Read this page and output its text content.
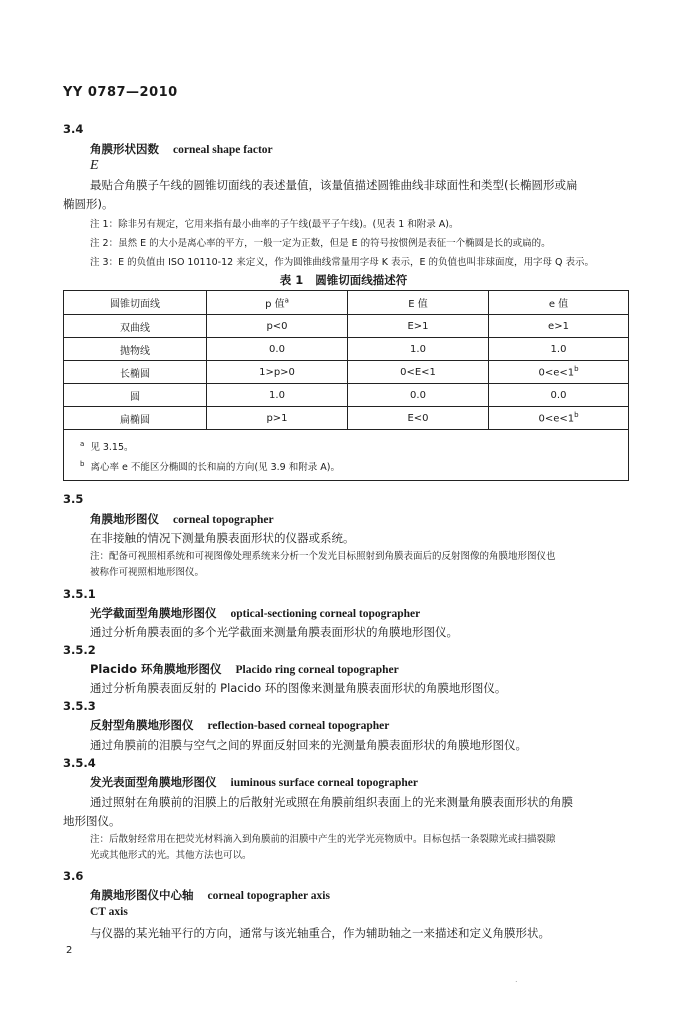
YY 0787—2010
3.4
角膜形状因数 corneal shape factor
E
最贴合角膜子午线的圆锥切面线的表述量值，该量值描述圆锥曲线非球面性和类型(长椭圆形或扁
椭圆形)。
注 1：除非另有规定，它用来指有最小曲率的子午线(最平子午线)。(见表 1 和附录 A)。
注 2：虽然 E 的大小是离心率的平方，一般一定为正数，但是 E 的符号按惯例是表征一个椭圆是长的或扁的。
注 3：E 的负值由 ISO 10110-12 来定义，作为圆锥曲线常量用字母 K 表示，E 的负值也叫非球面度，用字母 Q 表示。
表 1 圆锥切面线描述符
圆锥切面线	p 值$^a$	E 值	e 值
双曲线	p<0	E>1	e>1
抛物线	0.0	1.0	1.0
长椭圆	1>p>0	0<E<1	$0<e<1^b$
圆	1.0	0.0	0.0
扁椭圆	p>1	E<0	$0<e<1^b$

$^a$ 见 3.15。
$^b$ 离心率 e 不能区分椭圆的长和扁的方向(见 3.9 和附录 A)。			
3.5
角膜地形图仪 corneal topographer
在非接触的情况下测量角膜表面形状的仪器或系统。
注：配备可视照相系统和可视图像处理系统来分析一个发光目标照射到角膜表面后的反射图像的角膜地形图仪也
被称作可视照相地形图仪。
3.5.1
光学截面型角膜地形图仪 optical-sectioning corneal topographer
通过分析角膜表面的多个光学截面来测量角膜表面形状的角膜地形图仪。
3.5.2
Placido 环角膜地形图仪 Placido ring corneal topographer
通过分析角膜表面反射的 Placido 环的图像来测量角膜表面形状的角膜地形图仪。
3.5.3
反射型角膜地形图仪 reflection-based corneal topographer
通过角膜前的泪膜与空气之间的界面反射回来的光测量角膜表面形状的角膜地形图仪。
3.5.4
发光表面型角膜地形图仪 iuminous surface corneal topographer
通过照射在角膜前的泪膜上的后散射光或照在角膜前组织表面上的光来测量角膜表面形状的角膜
地形图仪。
注：后散射经常用在把荧光材料滴入到角膜前的泪膜中产生的光学光亮物质中。目标包括一条裂隙光或扫描裂隙
光或其他形式的光。其他方法也可以。
3.6
角膜地形图仪中心轴 corneal topographer axis
CT axis
与仪器的某光轴平行的方向，通常与该光轴重合，作为辅助轴之一来描述和定义角膜形状。
2
.
